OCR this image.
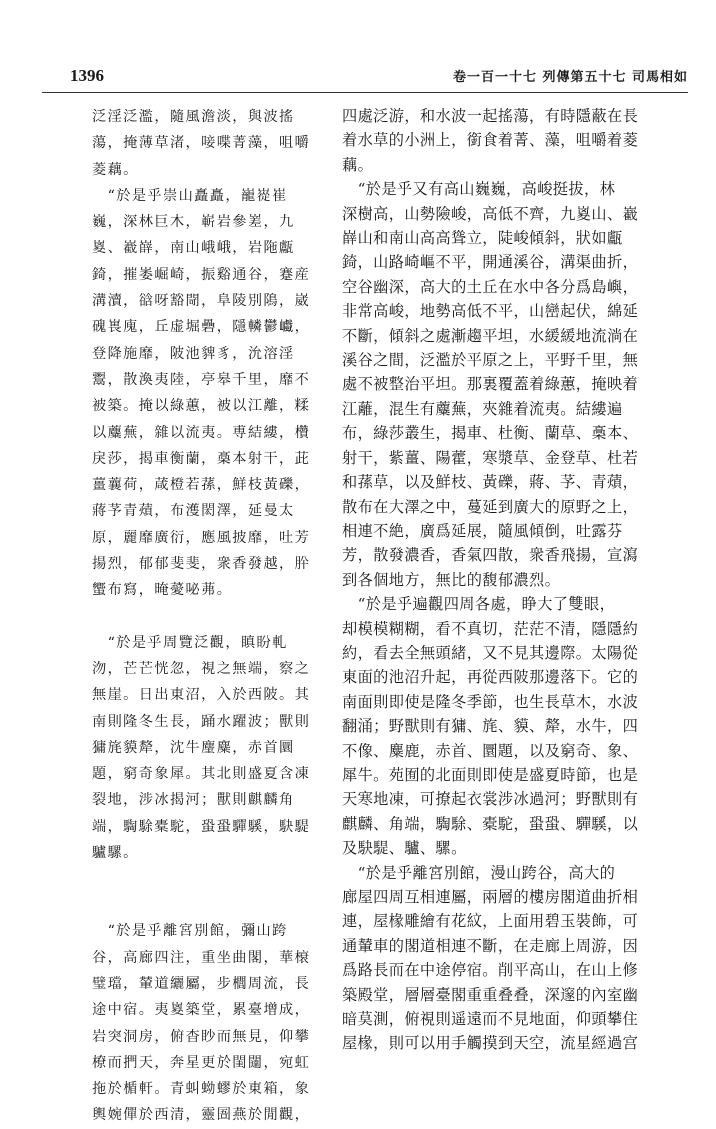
1396	卷一百一十七 列傳第五十七 司馬相如

泛淫泛濫，隨風澹淡，與波搖
蕩，掩薄草渚，唼喋菁藻，咀嚼
菱藕。

　“於是乎崇山矗矗，巃嵸崔
巍，深林巨木，嶄岩參嵳，九
嵏、嶻嶭，南山峨峨，岩陁甗
錡，摧崣崛崎，振谿通谷，蹇産
溝瀆，谽呀豁閜，阜陵別隝，崴
磈嵔廆，丘虚堀礨，隱轔鬱𡾟，
登降施靡，陂池貏豸，沇溶淫
鬻，散渙夷陸，亭皋千里，靡不
被築。掩以綠蕙，被以江離，糅
以蘪蕪，雜以流夷。尃結縷，欑
戾莎，揭車衡蘭，槀本射干，茈
薑蘘荷，葴橙若蓀，鮮枝黃礫，
蔣芧青薠，布濩閎澤，延曼太
原，麗靡廣衍，應風披靡，吐芳
揚烈，郁郁斐斐，衆香發越，肸
蠁布寫，晻薆咇茀。

　“於是乎周覽泛觀，瞋盼軋
沕，芒芒恍忽，視之無端，察之
無崖。日出東沼，入於西陂。其
南則隆冬生長，踊水躍波；獸則
㺎旄貘犛，沈牛麈麋，赤首圜
題，窮奇象犀。其北則盛夏含凍
裂地，涉冰揭河；獸則麒麟角
端，騊駼橐駝，蛩蛩驒騱，駃騠
驢騾。

　“於是乎離宮別館，彌山跨
谷，高廊四注，重坐曲閣，華榱
璧璫，輦道纚屬，步櫚周流，長
途中宿。夷嵏築堂，累臺增成，
岩突洞房，俯杳眇而無見，仰攀
橑而捫天，奔星更於閨闥，宛虹
拖於楯軒。青虯蚴蟉於東箱，象
輿婉僤於西清，靈圄燕於閒觀，

四處泛游，和水波一起搖蕩，有時隱蔽在長
着水草的小洲上，銜食着菁、藻，咀嚼着菱
藕。

　“於是乎又有高山巍巍，高峻挺拔，林
深樹高，山勢險峻，高低不齊，九嵏山、嶻
嶭山和南山高高聳立，陡峻傾斜，狀如甗
錡，山路崎嶇不平，開通溪谷，溝渠曲折，
空谷幽深，高大的土丘在水中各分爲島嶼，
非常高峻，地勢高低不平，山巒起伏，綿延
不斷，傾斜之處漸趨平坦，水緩緩地流淌在
溪谷之間，泛濫於平原之上，平野千里，無
處不被整治平坦。那裏覆蓋着綠蕙，掩映着
江蘺，混生有蘪蕪，夾雜着流夷。結縷遍
布，綠莎叢生，揭車、杜衡、蘭草、槀本、
射干，紫薑、陽藿，寒漿草、金登草、杜若
和蓀草，以及鮮枝、黃礫，蔣、芧、青薠，
散布在大澤之中，蔓延到廣大的原野之上，
相連不絶，廣爲延展，隨風傾倒，吐露芬
芳，散發濃香，香氣四散，衆香飛揚，宣瀉
到各個地方，無比的馥郁濃烈。

　“於是乎遍觀四周各處，睁大了雙眼，
却模模糊糊，看不真切，茫茫不清，隱隱約
約，看去全無頭緒，又不見其邊際。太陽從
東面的池沼升起，再從西陂那邊落下。它的
南面則即使是隆冬季節，也生長草木，水波
翻涌；野獸則有㺎、旄、貘、犛，水牛，四
不像、麋鹿，赤首、圜題，以及窮奇、象、
犀牛。苑囿的北面則即使是盛夏時節，也是
天寒地凍，可撩起衣裳涉冰過河；野獸則有
麒麟、角端，騊駼、橐駝，蛩蛩、驒騱，以
及駃騠、驢、騾。

　“於是乎離宮別館，漫山跨谷，高大的
廊屋四周互相連屬，兩層的樓房閣道曲折相
連，屋椽雕繪有花紋，上面用碧玉裝飾，可
通輦車的閣道相連不斷，在走廊上周游，因
爲路長而在中途停宿。削平高山，在山上修
築殿堂，層層臺閣重重叠叠，深邃的內室幽
暗莫測，俯視則遥遠而不見地面，仰頭攀住
屋椽，則可以用手觸摸到天空，流星經過宫
